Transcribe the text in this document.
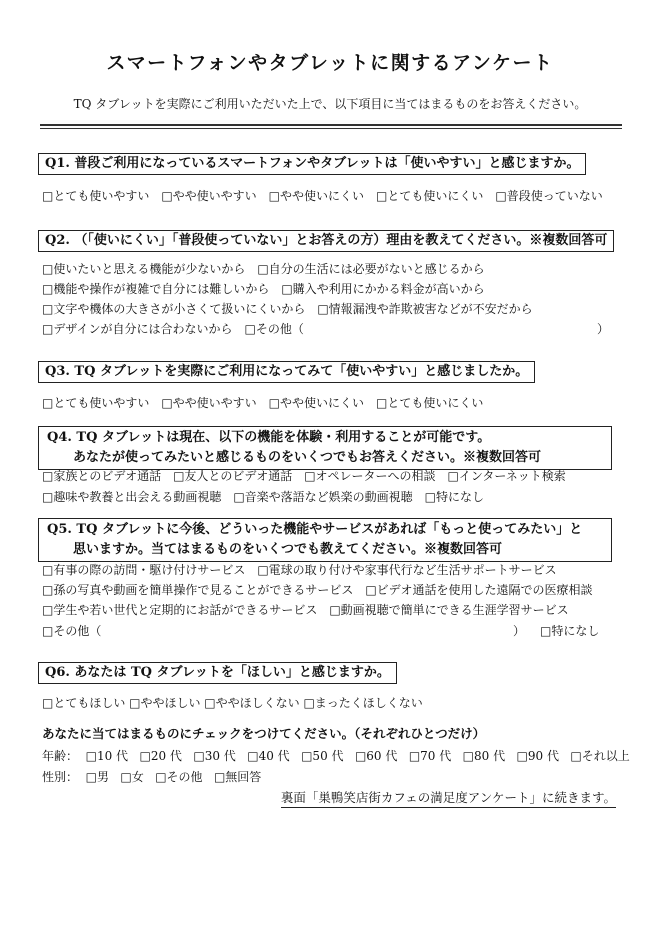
スマートフォンやタブレットに関するアンケート
TQ タブレットを実際にご利用いただいた上で、以下項目に当てはまるものをお答えください。
Q1. 普段ご利用になっているスマートフォンやタブレットは「使いやすい」と感じますか。
□とても使いやすい　□やや使いやすい　□やや使いにくい　□とても使いにくい　□普段使っていない
Q2. （「使いにくい」「普段使っていない」とお答えの方）理由を教えてください。※複数回答可
□使いたいと思える機能が少ないから　□自分の生活には必要がないと感じるから
□機能や操作が複雑で自分には難しいから　□購入や利用にかかる料金が高いから
□文字や機体の大きさが小さくて扱いにくいから　□情報漏洩や詐欺被害などが不安だから
□デザインが自分には合わないから　□その他（	）
Q3. TQ タブレットを実際にご利用になってみて「使いやすい」と感じましたか。
□とても使いやすい　□やや使いやすい　□やや使いにくい　□とても使いにくい
Q4. TQ タブレットは現在、以下の機能を体験・利用することが可能です。
あなたが使ってみたいと感じるものをいくつでもお答えください。※複数回答可
□家族とのビデオ通話　□友人とのビデオ通話　□オペレーターへの相談　□インターネット検索
□趣味や教養と出会える動画視聴　□音楽や落語など娯楽の動画視聴　□特になし
Q5. TQ タブレットに今後、どういった機能やサービスがあれば「もっと使ってみたい」と
思いますか。当てはまるものをいくつでも教えてください。※複数回答可
□有事の際の訪問・駆け付けサービス　□電球の取り付けや家事代行など生活サポートサービス
□孫の写真や動画を簡単操作で見ることができるサービス　□ビデオ通話を使用した遠隔での医療相談
□学生や若い世代と定期的にお話ができるサービス　□動画視聴で簡単にできる生涯学習サービス
□その他（	） □特になし
Q6. あなたは TQ タブレットを「ほしい」と感じますか。
□とてもほしい □ややほしい □ややほしくない □まったくほしくない
あなたに当てはまるものにチェックをつけてください。（それぞれひとつだけ）
年齢：  □10 代   □20 代   □30 代   □40 代   □50 代   □60 代   □70 代   □80 代   □90 代   □それ以上
性別：  □男   □女   □その他   □無回答
裏面「巣鴨笑店街カフェの満足度アンケート」に続きます。
